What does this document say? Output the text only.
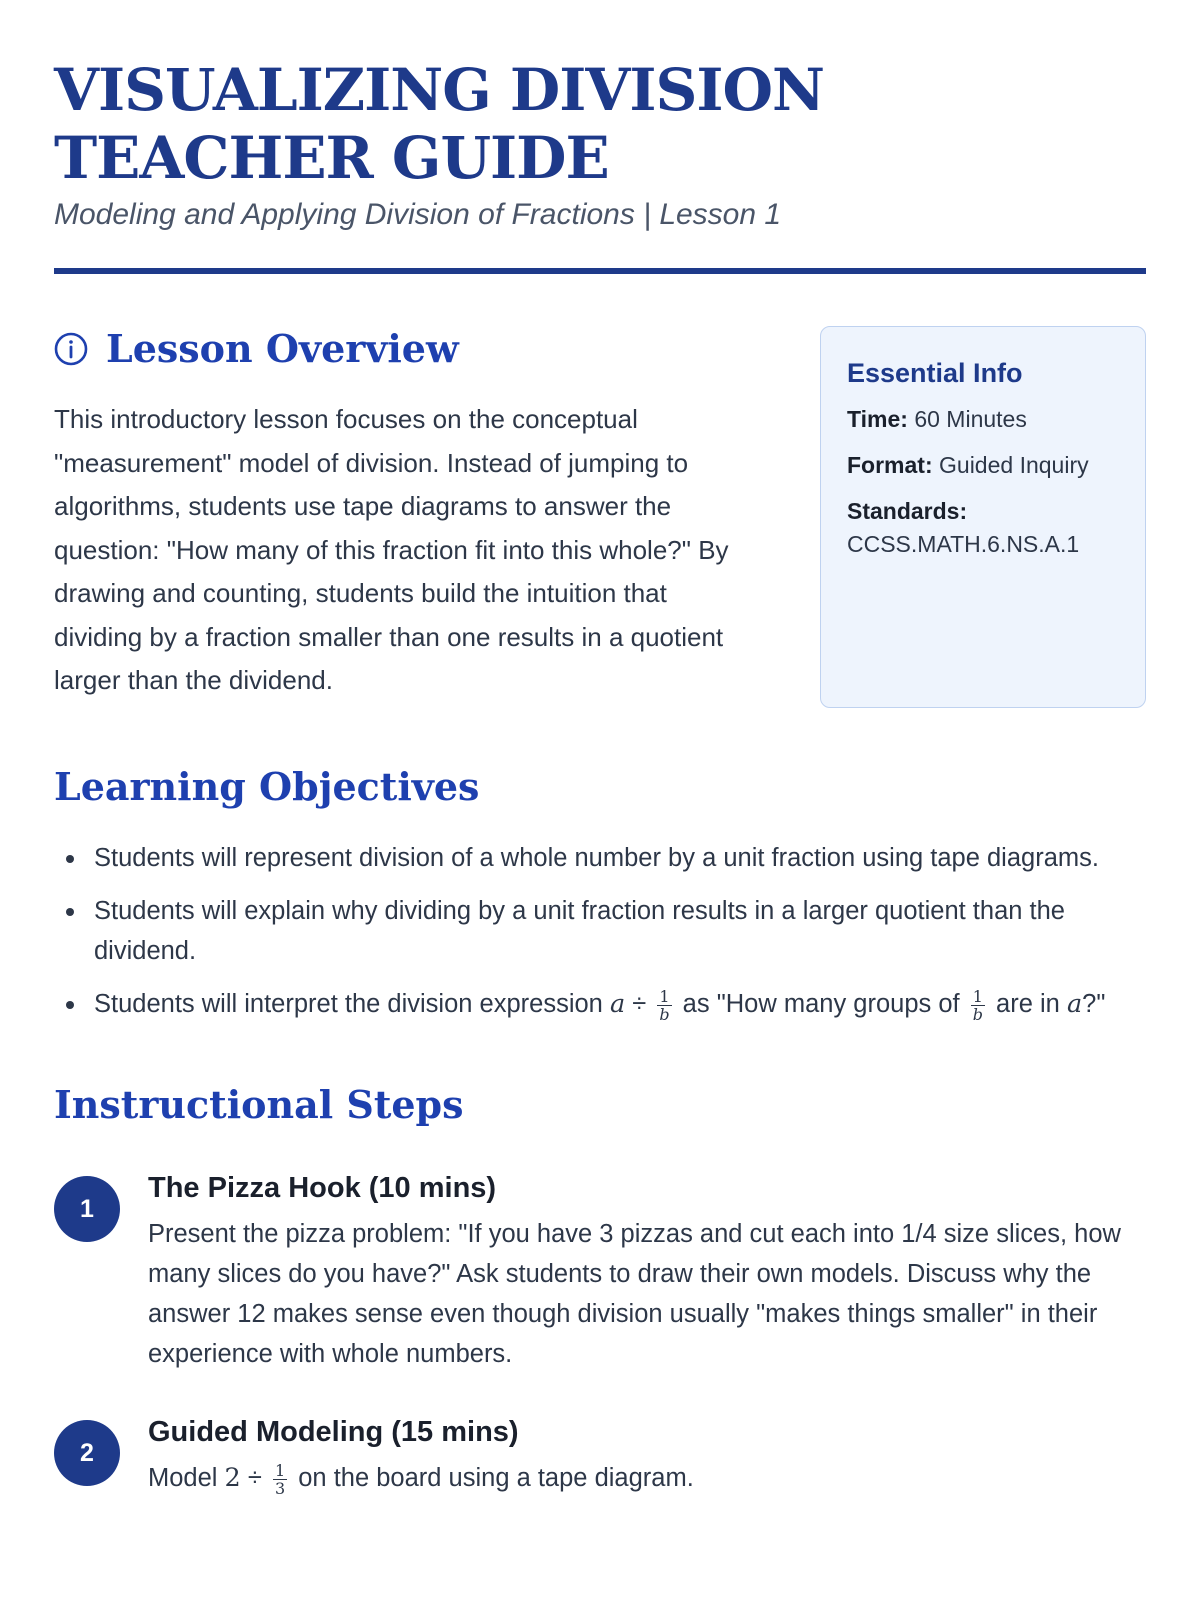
VISUALIZING DIVISION TEACHER GUIDE

Modeling and Applying Division of Fractions | Lesson 1

Lesson Overview

This introductory lesson focuses on the conceptual "measurement" model of division. Instead of jumping to algorithms, students use tape diagrams to answer the question: "How many of this fraction fit into this whole?" By drawing and counting, students build the intuition that dividing by a fraction smaller than one results in a quotient larger than the dividend.

Essential Info
Time: 60 Minutes
Format: Guided Inquiry
Standards:
CCSS.MATH.6.NS.A.1
Learning Objectives
Students will represent division of a whole number by a unit fraction using tape diagrams.
Students will explain why dividing by a unit fraction results in a larger quotient than the dividend.
Students will interpret the division expression $a \div \frac{1}{b}$ as "How many groups of $\frac{1}{b}$ are in a?"
Instructional Steps
1
The Pizza Hook (10 mins)

Present the pizza problem: "If you have 3 pizzas and cut each into 1/4 size slices, how many slices do you have?" Ask students to draw their own models. Discuss why the answer 12 makes sense even though division usually "makes things smaller" in their experience with whole numbers.

2
Guided Modeling (15 mins)

Model $2 \div \frac{1}{3}$ on the board using a tape diagram.
